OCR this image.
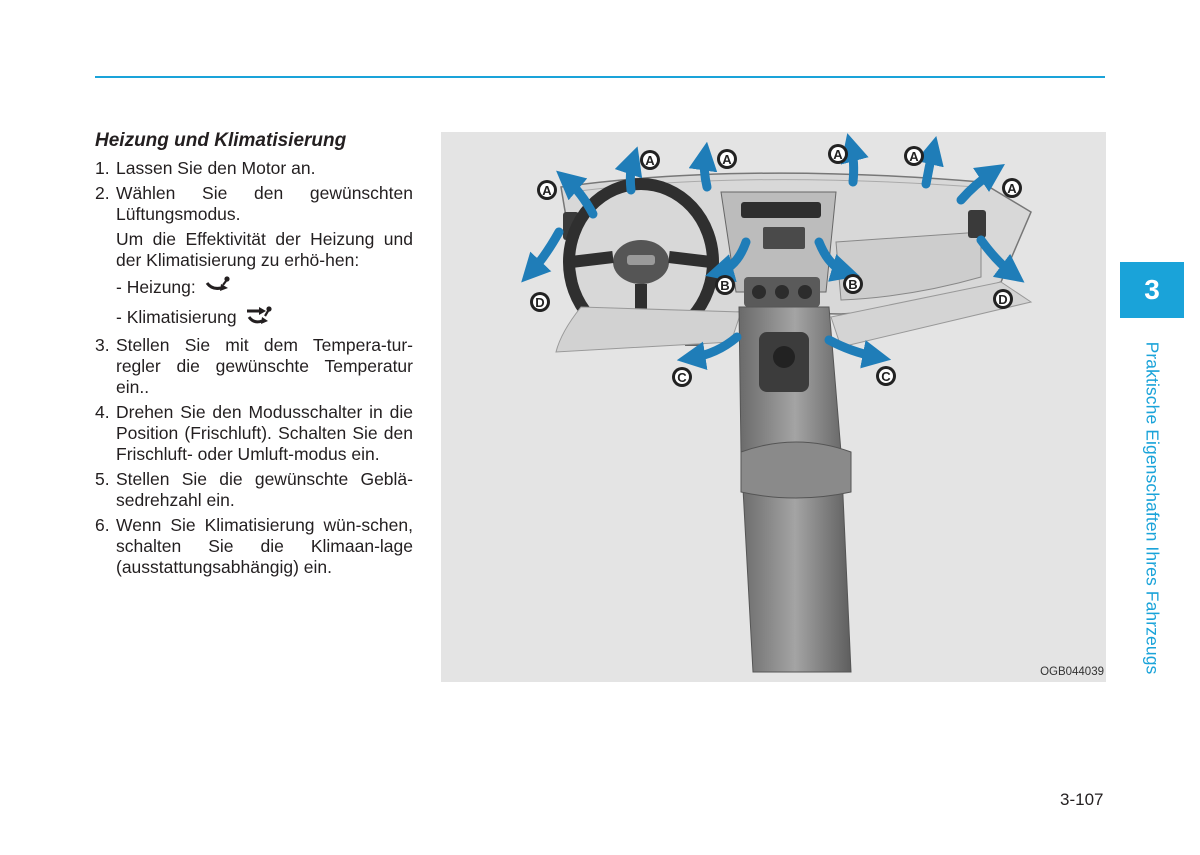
Heizung und Klimatisierung
1. Lassen Sie den Motor an.
2. Wählen Sie den gewünschten Lüftungsmodus.
Um die Effektivität der Heizung und der Klimatisierung zu erhö-hen:
- Heizung:
- Klimatisierung
3. Stellen Sie mit dem Tempera-tur-regler die gewünschte Temperatur ein..
4. Drehen Sie den Modusschalter in die Position (Frischluft). Schalten Sie den Frischluft- oder Umluft-modus ein.
5. Stellen Sie die gewünschte Geblä-sedrehzahl ein.
6. Wenn Sie Klimatisierung wün-schen, schalten Sie die Klimaan-lage (ausstattungsabhängig) ein.
A
A	A	A	A
A
B	B
C	C
D	D
OGB044039
3
Praktische Eigenschaften Ihres Fahrzeugs
3-107
